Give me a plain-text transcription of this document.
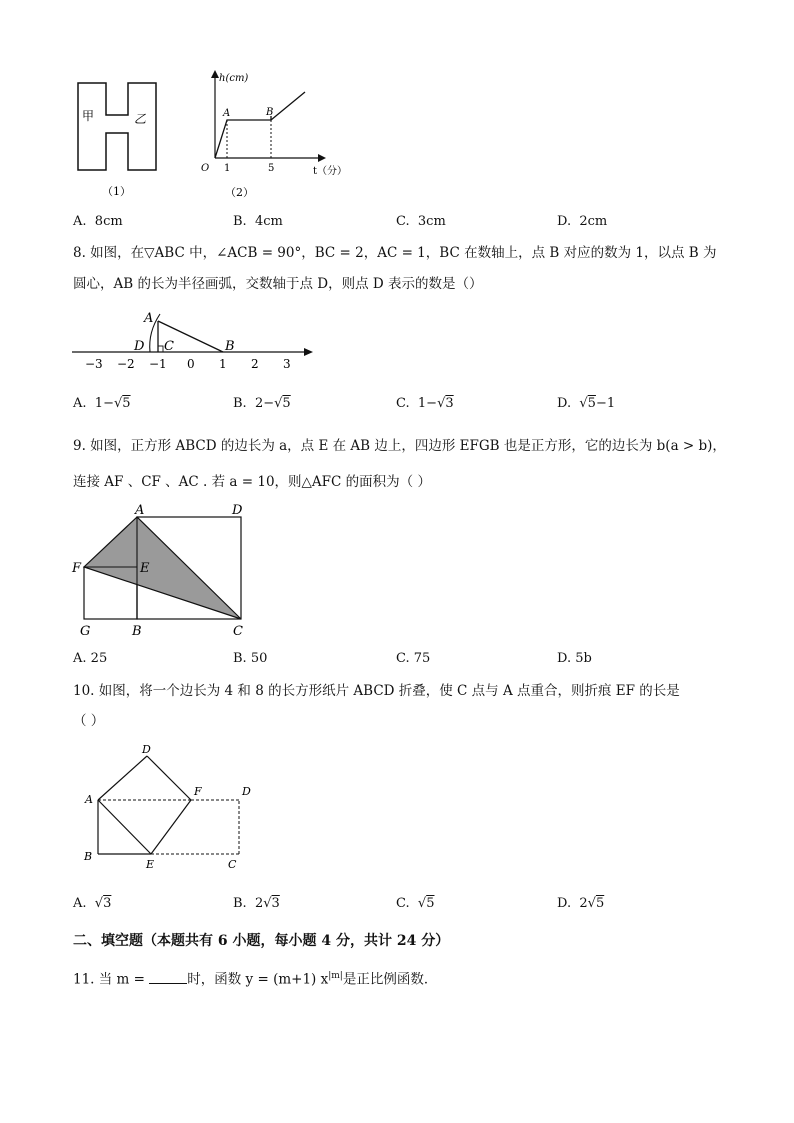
甲	乙
（1）
h(cm)
A	B
O 1	5	t（分）
（2）
A. 8cm	B. 4cm	C. 3cm	D. 2cm
8. 如图，在▽ABC 中，∠ACB = 90°，BC = 2，AC = 1，BC 在数轴上，点 B 对应的数为 1，以点 B 为
圆心，AB 的长为半径画弧，交数轴于点 D，则点 D 表示的数是（）
A
D C	B
−3 −2 −1 0 1 2 3
A. 1−√5	B. 2−√5	C. 1−√3	D. √5−1
9. 如图，正方形 ABCD 的边长为 a，点 E 在 AB 边上，四边形 EFGB 也是正方形，它的边长为 b(a > b)，
连接 AF 、CF 、AC . 若 a = 10，则△AFC 的面积为（ ）
A	D
F	E
G	B	C
A. 25	B. 50	C. 75	D. 5b
10. 如图，将一个边长为 4 和 8 的长方形纸片 ABCD 折叠，使 C 点与 A 点重合，则折痕 EF 的长是
（ ）
D
A
F	D
B
E	C
A. √3	B. 2√3	C. √5	D. 2√5
二、填空题（本题共有 6 小题，每小题 4 分，共计 24 分）
11. 当 m =	时，函数 y = (m+1) $x^{|m|}$是正比例函数．
